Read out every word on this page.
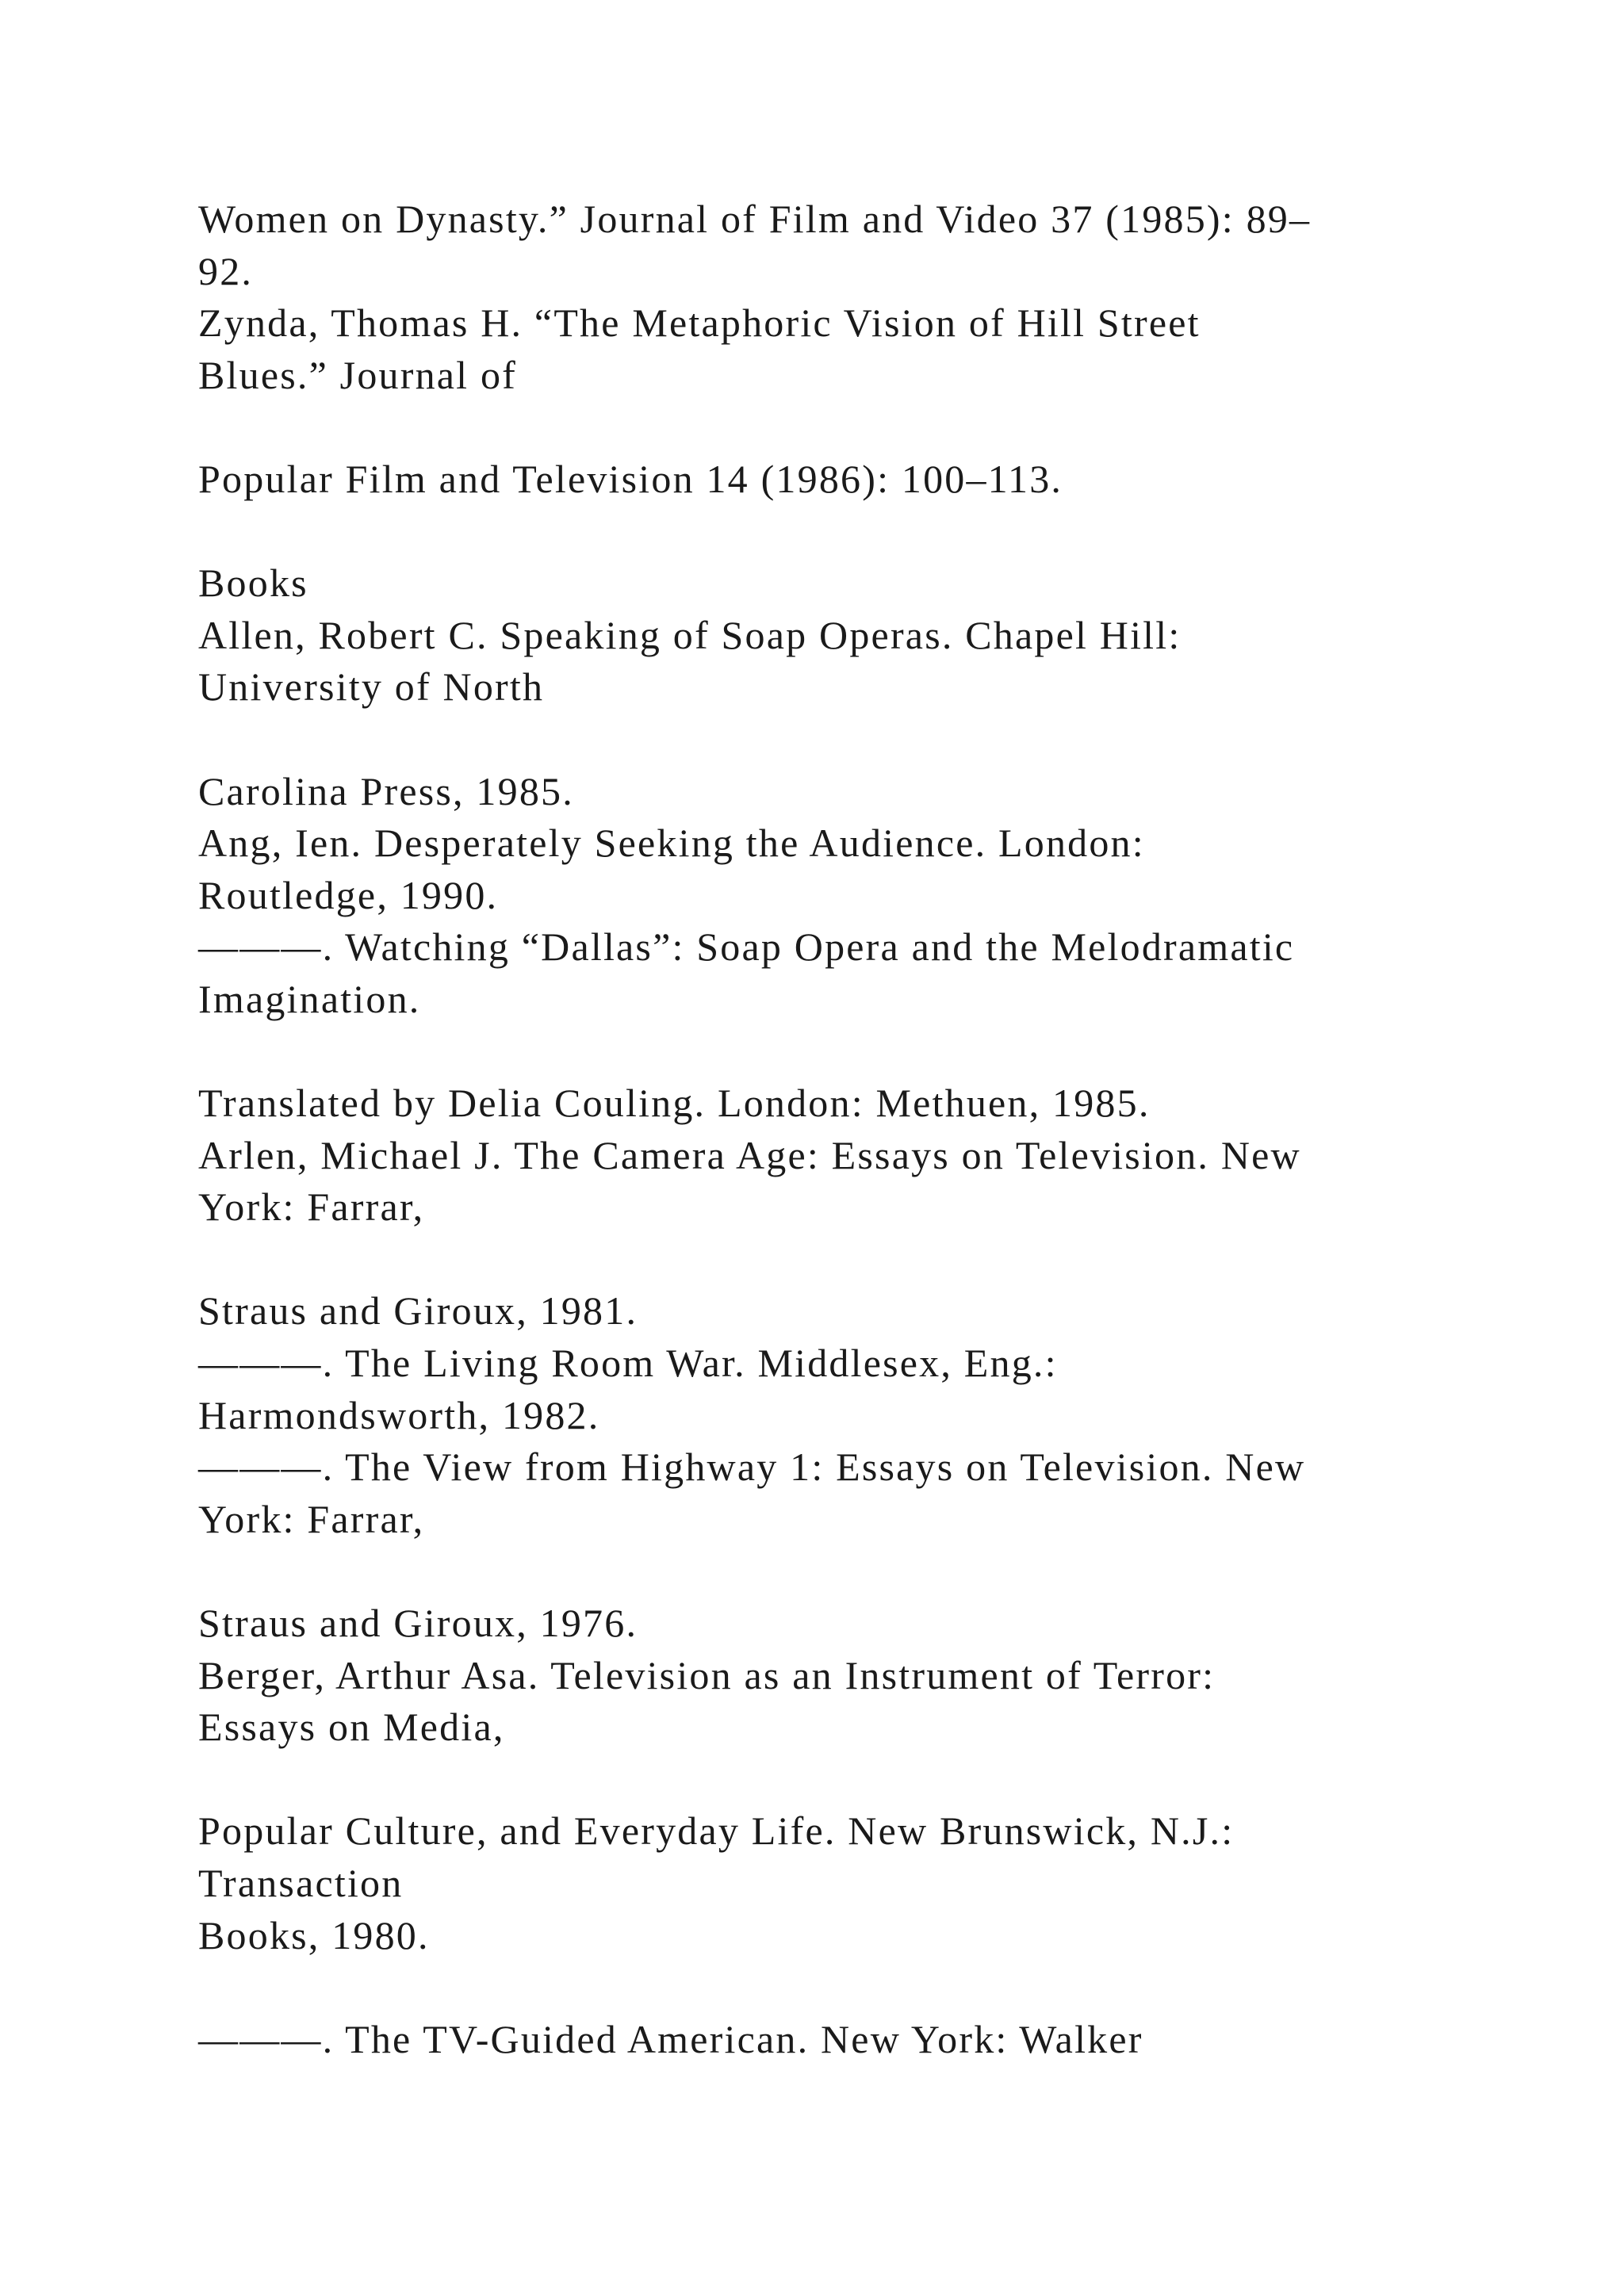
Women on Dynasty.” Journal of Film and Video 37 (1985): 89–
92.
Zynda, Thomas H. “The Metaphoric Vision of Hill Street
Blues.” Journal of
Popular Film and Television 14 (1986): 100–113.
Books
Allen, Robert C. Speaking of Soap Operas. Chapel Hill:
University of North
Carolina Press, 1985.
Ang, Ien. Desperately Seeking the Audience. London:
Routledge, 1990.
———. Watching “Dallas”: Soap Opera and the Melodramatic
Imagination.
Translated by Delia Couling. London: Methuen, 1985.
Arlen, Michael J. The Camera Age: Essays on Television. New
York: Farrar,
Straus and Giroux, 1981.
———. The Living Room War. Middlesex, Eng.:
Harmondsworth, 1982.
———. The View from Highway 1: Essays on Television. New
York: Farrar,
Straus and Giroux, 1976.
Berger, Arthur Asa. Television as an Instrument of Terror:
Essays on Media,
Popular Culture, and Everyday Life. New Brunswick, N.J.:
Transaction
Books, 1980.
———. The TV-Guided American. New York: Walker
